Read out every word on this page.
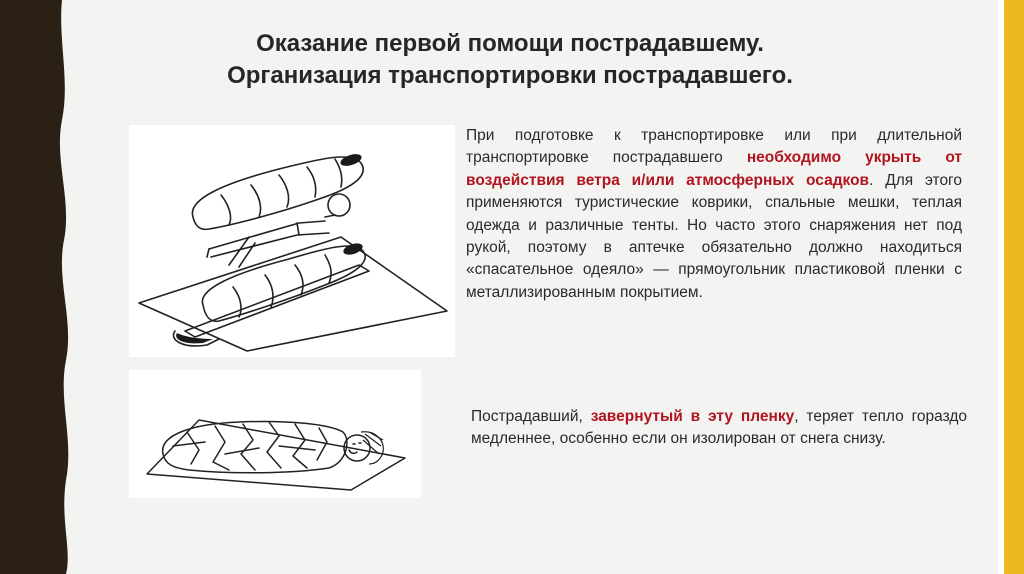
Оказание первой помощи пострадавшему.
Организация транспортировки пострадавшего.
При подготовке к транспортировке или при длительной транспортировке пострадавшего необходимо укрыть от воздействия ветра и/или атмосферных осадков. Для этого применяются туристические коврики, спальные мешки, теплая одежда и различные тенты. Но часто этого снаряжения нет под рукой, поэтому в аптечке обязательно должно находиться «спасательное одеяло» — прямоугольник пластиковой пленки с металлизированным покрытием.
Пострадавший, завернутый в эту пленку, теряет тепло гораздо медленнее, особенно если он изолирован от снега снизу.
